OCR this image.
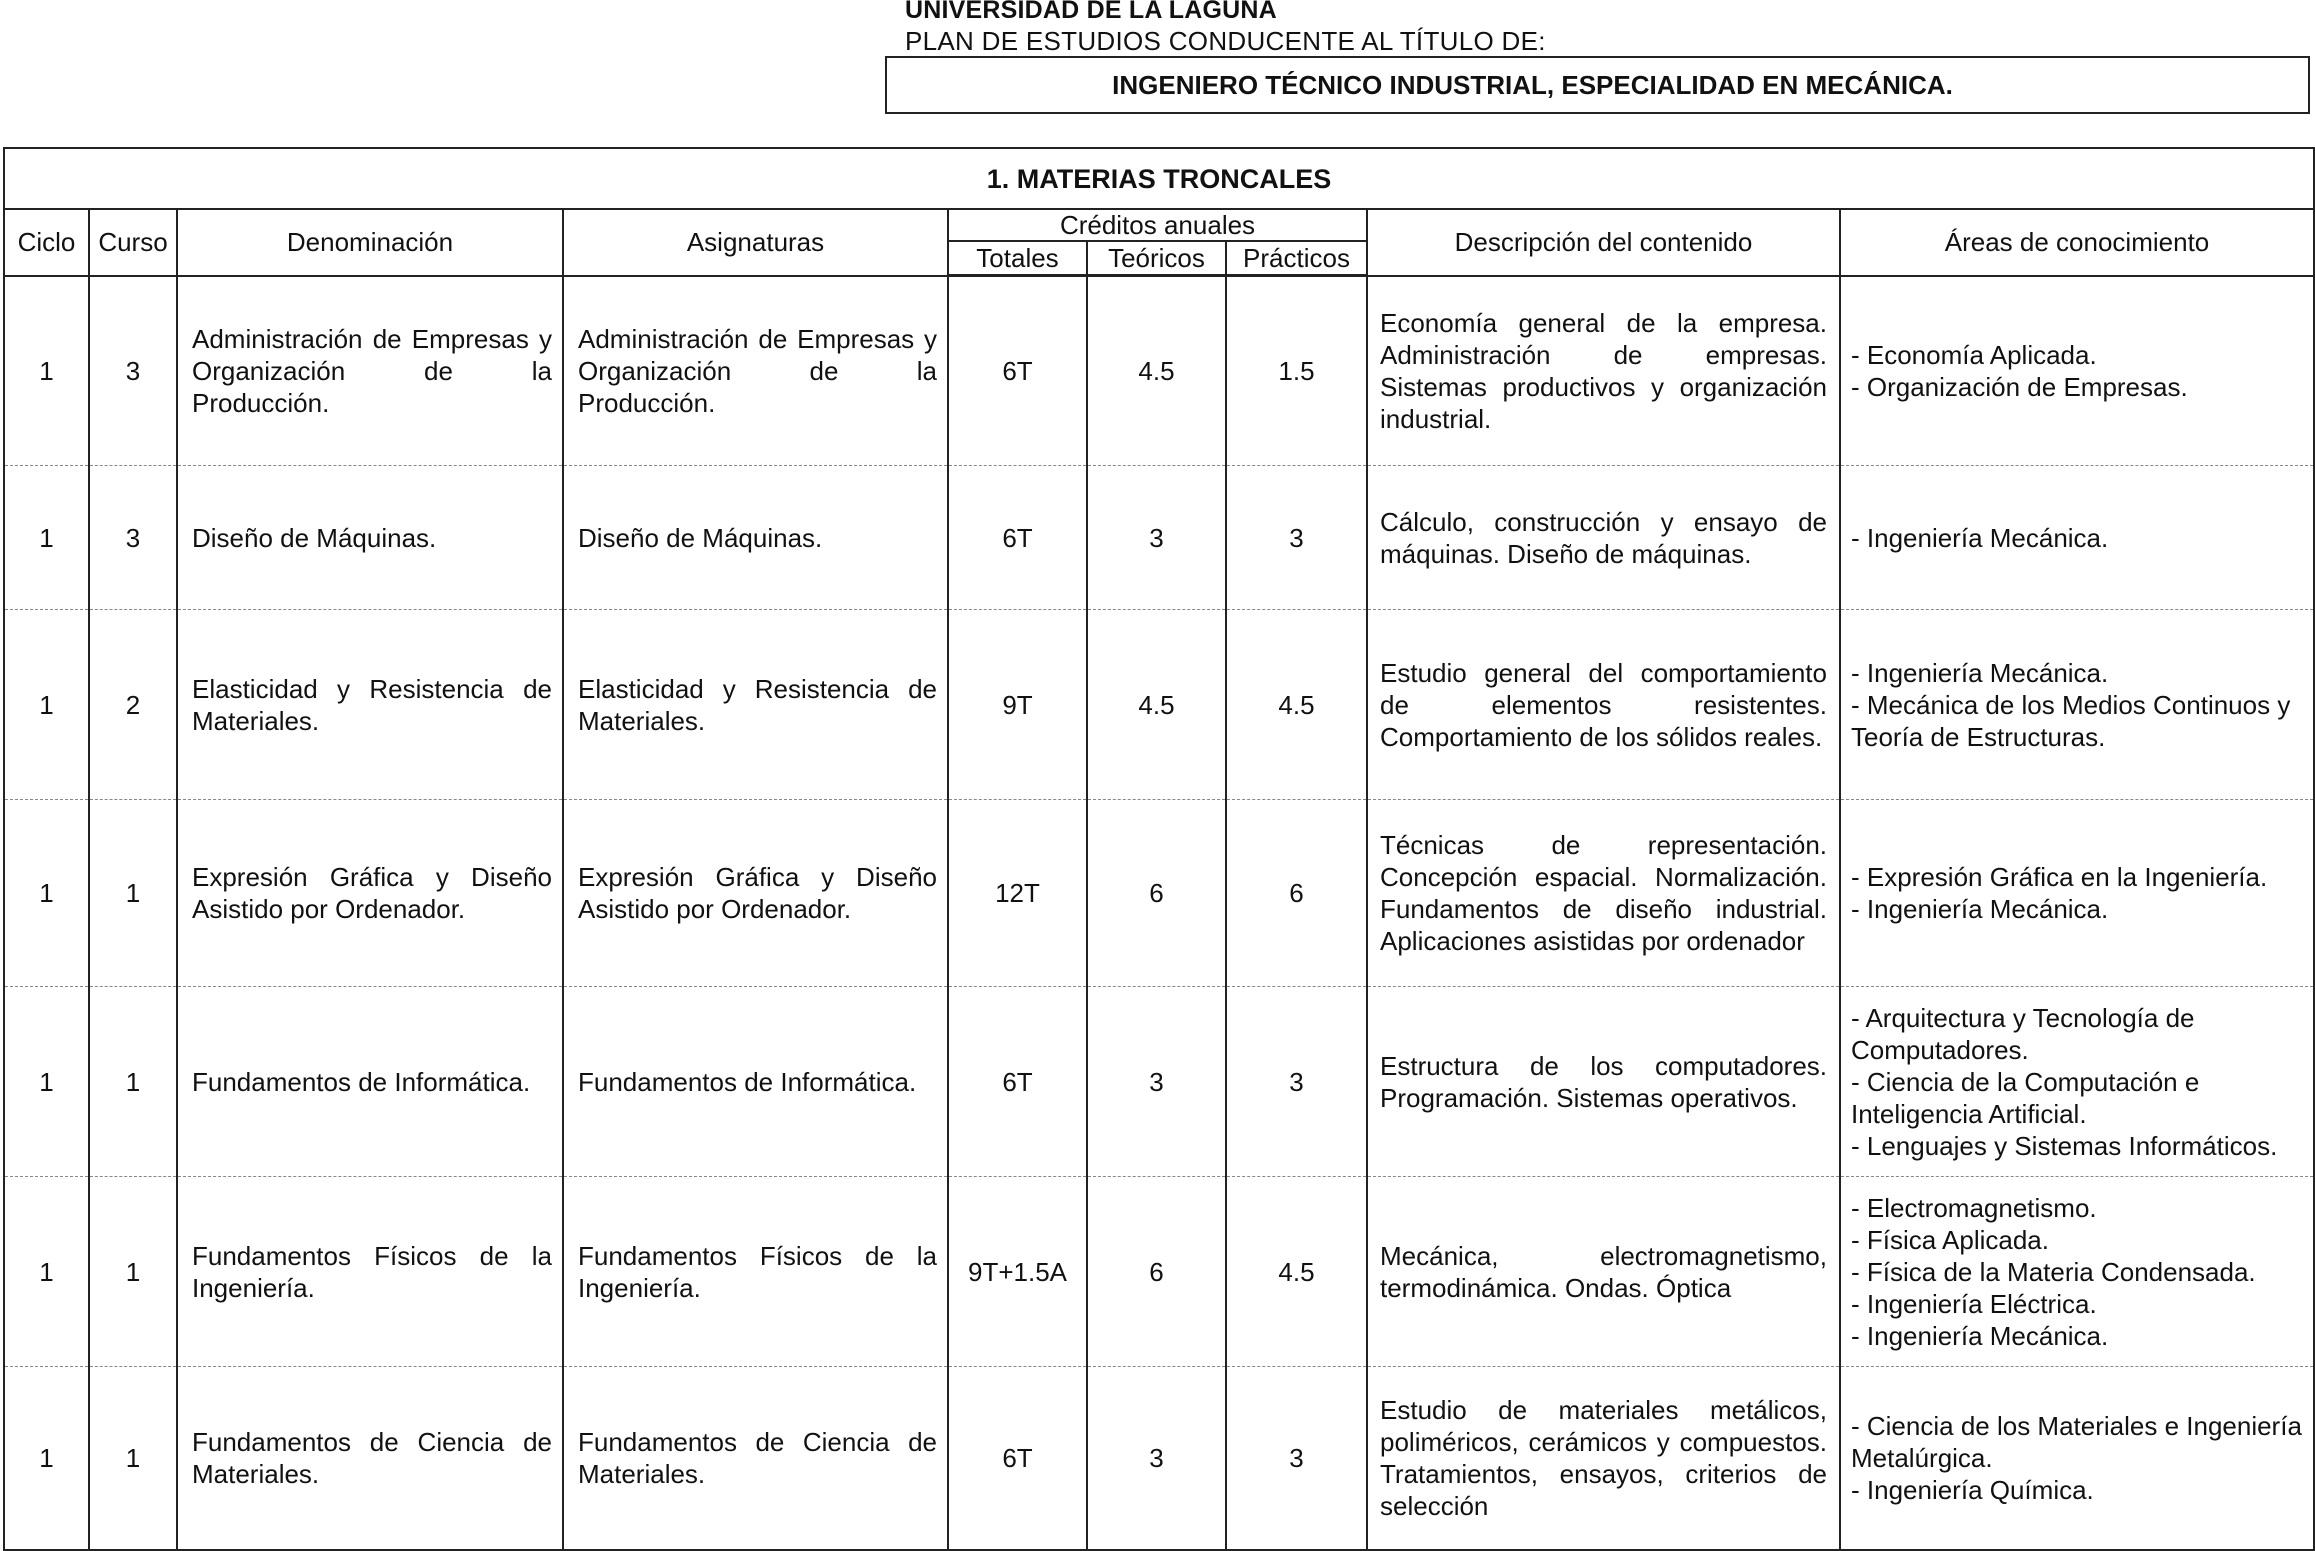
UNIVERSIDAD DE LA LAGUNA
PLAN DE ESTUDIOS CONDUCENTE AL TÍTULO DE:
INGENIERO TÉCNICO INDUSTRIAL, ESPECIALIDAD EN MECÁNICA.
1. MATERIAS TRONCALES								
Ciclo	Curso	Denominación	Asignaturas	Créditos anuales			Descripción del contenido	Áreas de conocimiento
				Totales	Teóricos	Prácticos		
1	3	Administración de Empresas y Organización de la Producción.	Administración de Empresas y Organización de la Producción.	6T	4.5	1.5	Economía general de la empresa. Administración de empresas. Sistemas productivos y organización industrial.	- Economía Aplicada.
- Organización de Empresas.

1	3	Diseño de Máquinas.	Diseño de Máquinas.	6T	3	3	Cálculo, construcción y ensayo de máquinas. Diseño de máquinas.	- Ingeniería Mecánica.

1	2	Elasticidad y Resistencia de Materiales.	Elasticidad y Resistencia de Materiales.	9T	4.5	4.5	Estudio general del comportamiento de elementos resistentes. Comportamiento de los sólidos reales.	- Ingeniería Mecánica.
- Mecánica de los Medios Continuos y Teoría de Estructuras.

1	1	Expresión Gráfica y Diseño Asistido por Ordenador.	Expresión Gráfica y Diseño Asistido por Ordenador.	12T	6	6	Técnicas de representación. Concepción espacial. Normalización. Fundamentos de diseño industrial. Aplicaciones asistidas por ordenador	- Expresión Gráfica en la Ingeniería.
- Ingeniería Mecánica.

1	1	Fundamentos de Informática.	Fundamentos de Informática.	6T	3	3	Estructura de los computadores. Programación. Sistemas operativos.	- Arquitectura y Tecnología de Computadores.
- Ciencia de la Computación e Inteligencia Artificial.
- Lenguajes y Sistemas Informáticos.

1	1	Fundamentos Físicos de la Ingeniería.	Fundamentos Físicos de la Ingeniería.	9T+1.5A	6	4.5	Mecánica, electromagnetismo, termodinámica. Ondas. Óptica	- Electromagnetismo.
- Física Aplicada.
- Física de la Materia Condensada.
- Ingeniería Eléctrica.
- Ingeniería Mecánica.

1	1	Fundamentos de Ciencia de Materiales.	Fundamentos de Ciencia de Materiales.	6T	3	3	Estudio de materiales metálicos, poliméricos, cerámicos y compuestos. Tratamientos, ensayos, criterios de selección	- Ciencia de los Materiales e Ingeniería Metalúrgica.
- Ingeniería Química.
